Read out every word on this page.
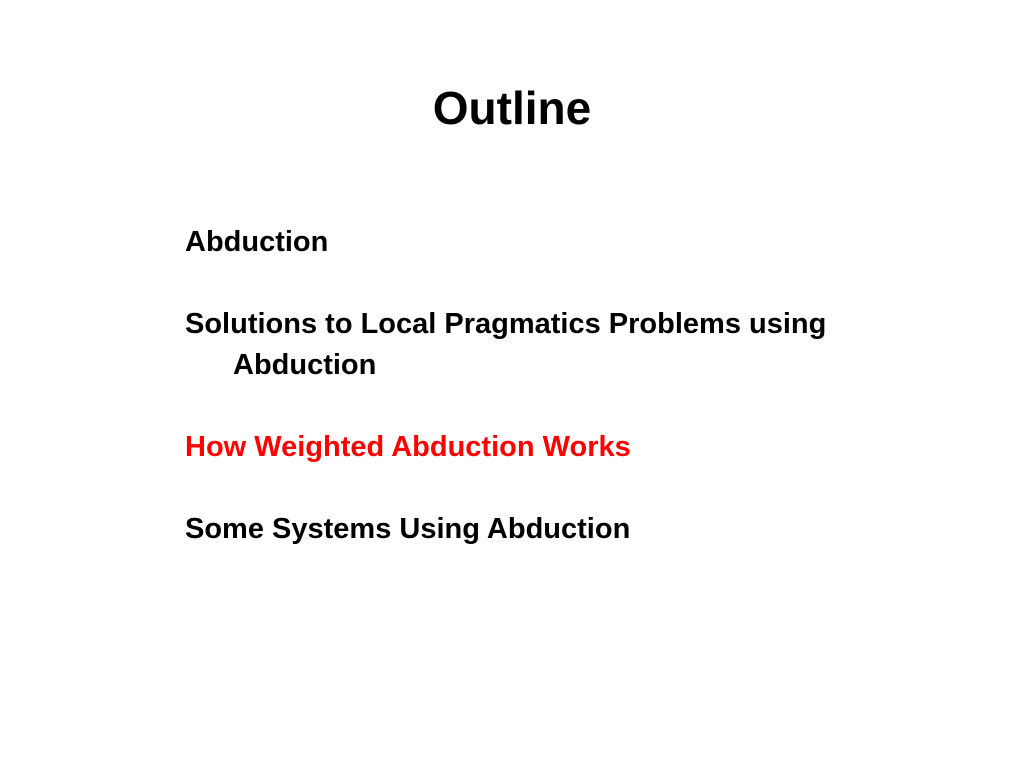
Outline
Abduction
Solutions to Local Pragmatics Problems using Abduction
How Weighted Abduction Works
Some Systems Using Abduction
